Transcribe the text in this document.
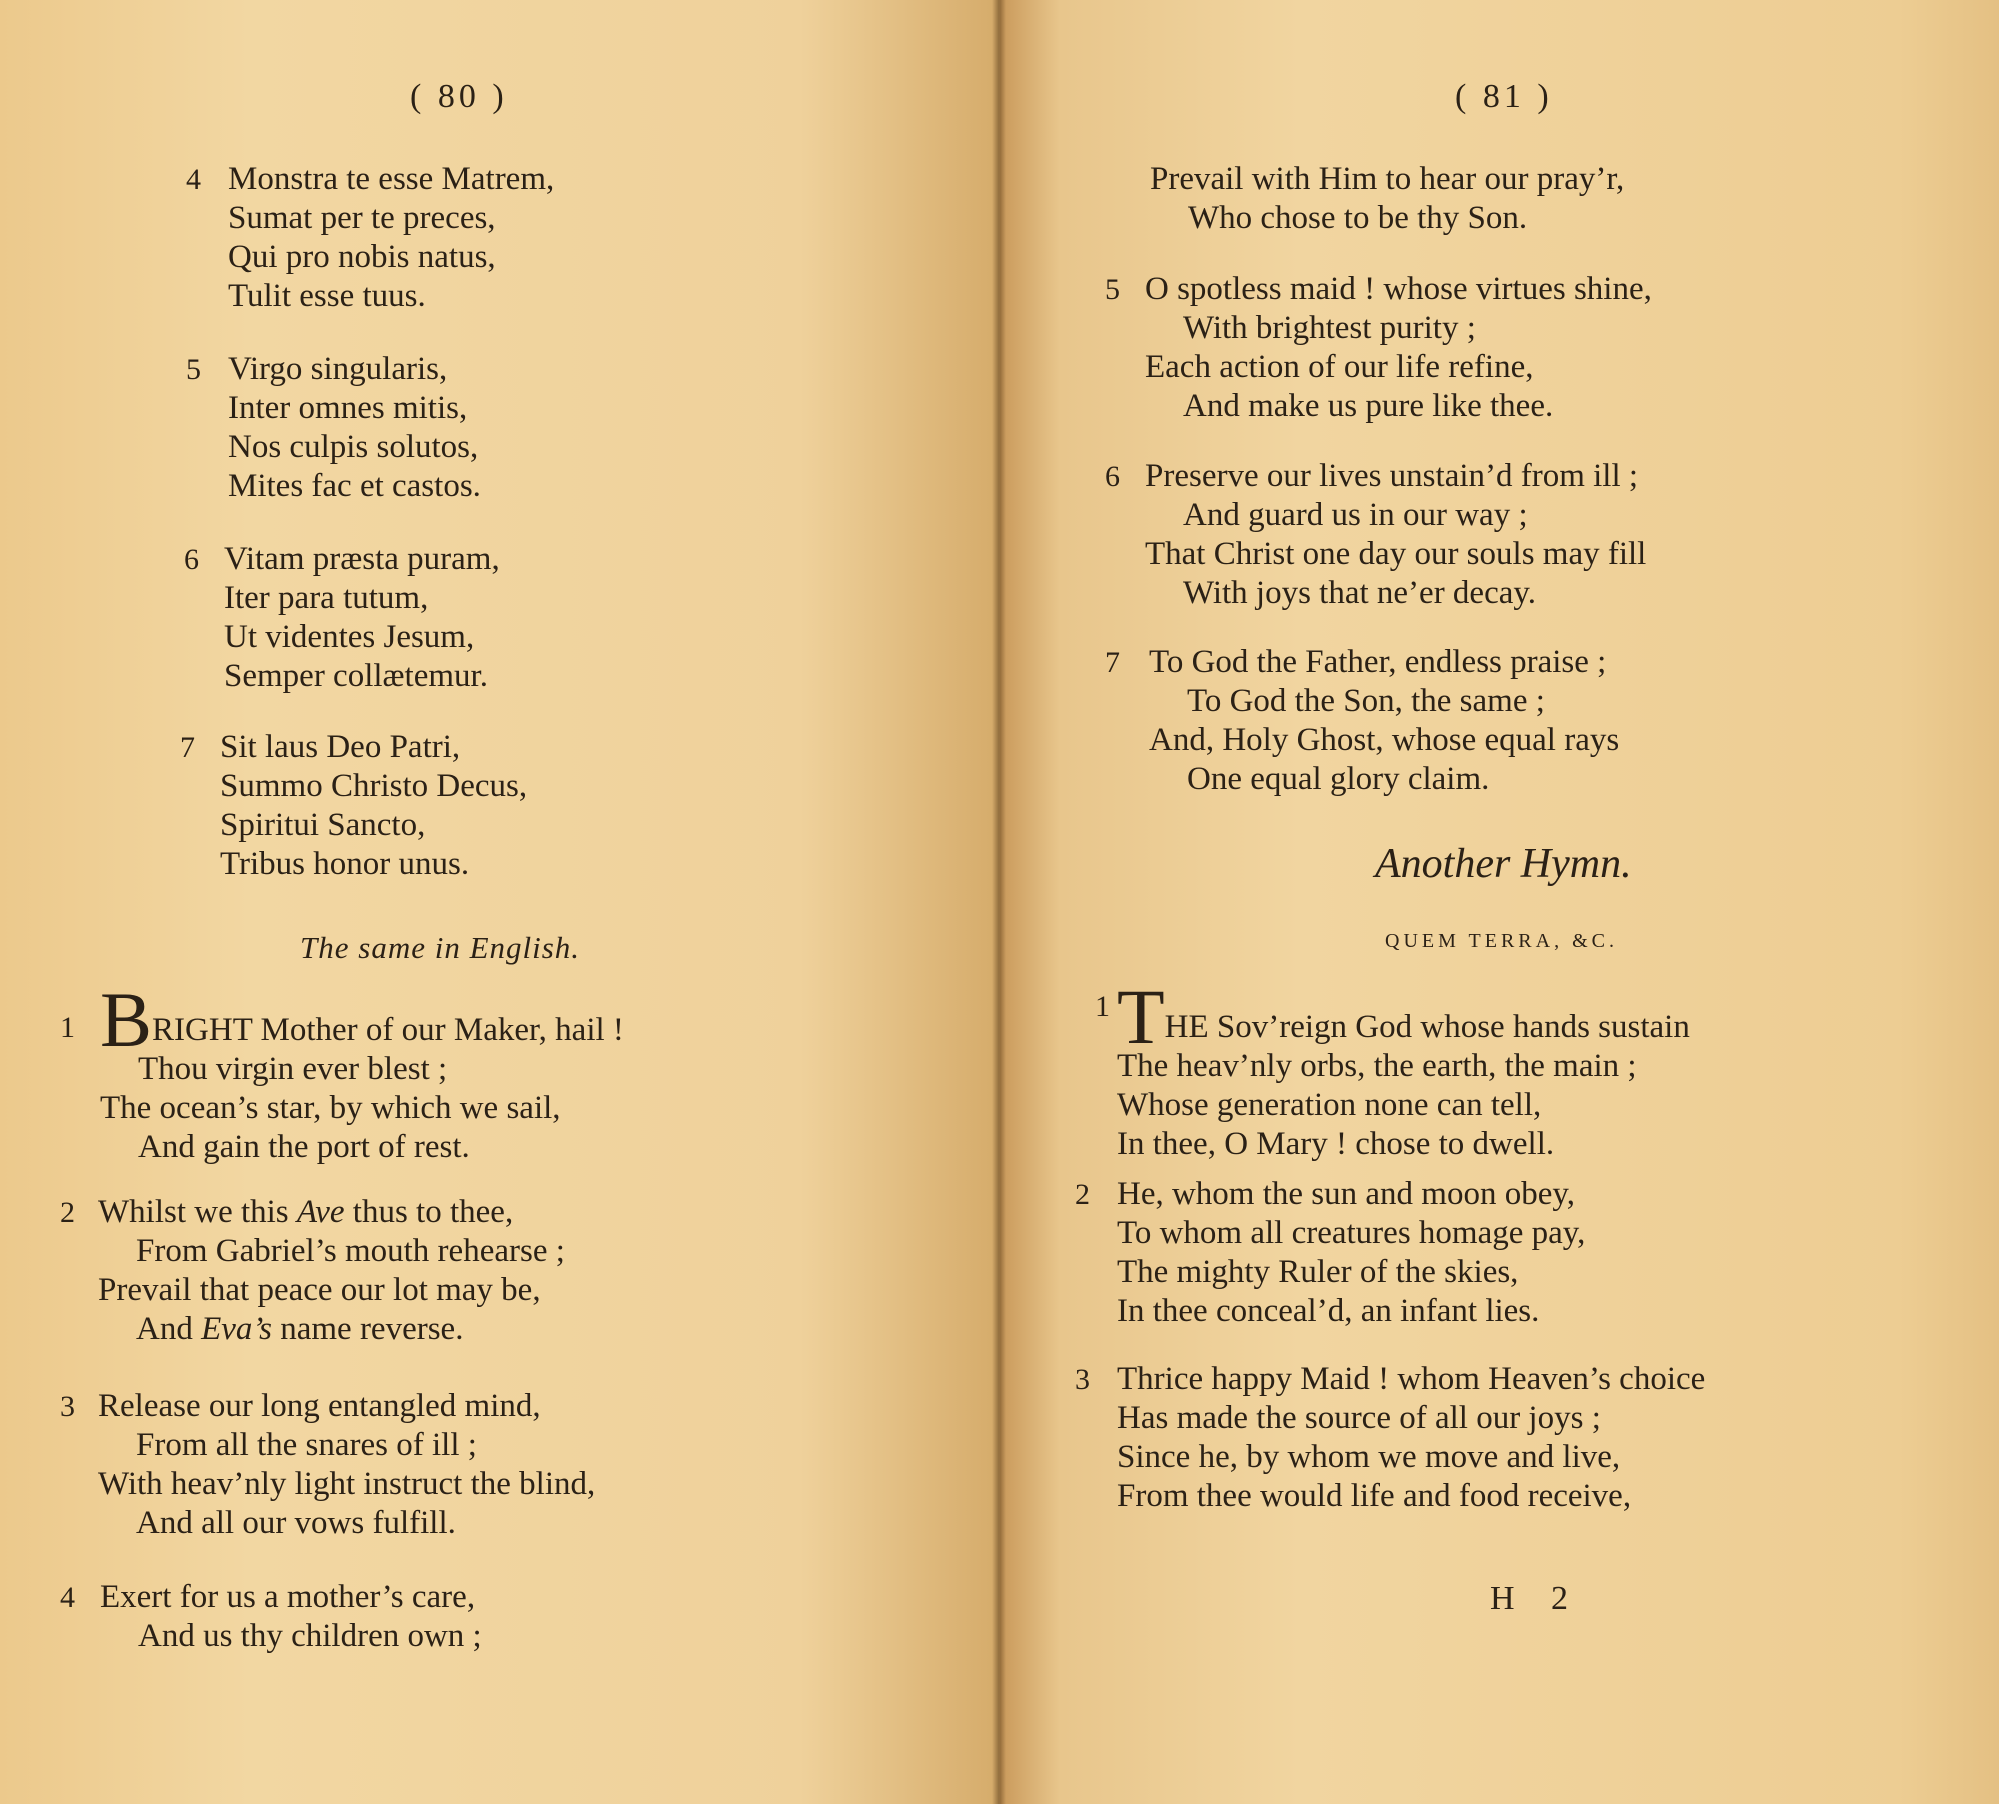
( 80 )
4 Monstra te esse Matrem,
Sumat per te preces,
Qui pro nobis natus,
Tulit esse tuus.
5 Virgo singularis,
Inter omnes mitis,
Nos culpis solutos,
Mites fac et castos.
6 Vitam præsta puram,
Iter para tutum,
Ut videntes Jesum,
Semper collætemur.
7 Sit laus Deo Patri,
Summo Christo Decus,
Spiritui Sancto,
Tribus honor unus.
The same in English.
1 BRIGHT Mother of our Maker, hail !
Thou virgin ever blest ;
The ocean’s star, by which we sail,
And gain the port of rest.
2 Whilst we this Ave thus to thee,
From Gabriel’s mouth rehearse ;
Prevail that peace our lot may be,
And Eva’s name reverse.
3 Release our long entangled mind,
From all the snares of ill ;
With heav’nly light instruct the blind,
And all our vows fulfill.
4 Exert for us a mother’s care,
And us thy children own ;
( 81 )
Prevail with Him to hear our pray’r,
Who chose to be thy Son.
5 O spotless maid ! whose virtues shine,
With brightest purity ;
Each action of our life refine,
And make us pure like thee.
6 Preserve our lives unstain’d from ill ;
And guard us in our way ;
That Christ one day our souls may fill
With joys that ne’er decay.
7 To God the Father, endless praise ;
To God the Son, the same ;
And, Holy Ghost, whose equal rays
One equal glory claim.
Another Hymn.
QUEM TERRA, &C.
1 THE Sov’reign God whose hands sustain
The heav’nly orbs, the earth, the main ;
Whose generation none can tell,
In thee, O Mary ! chose to dwell.
2 He, whom the sun and moon obey,
To whom all creatures homage pay,
The mighty Ruler of the skies,
In thee conceal’d, an infant lies.
3 Thrice happy Maid ! whom Heaven’s choice
Has made the source of all our joys ;
Since he, by whom we move and live,
From thee would life and food receive,
H 2
